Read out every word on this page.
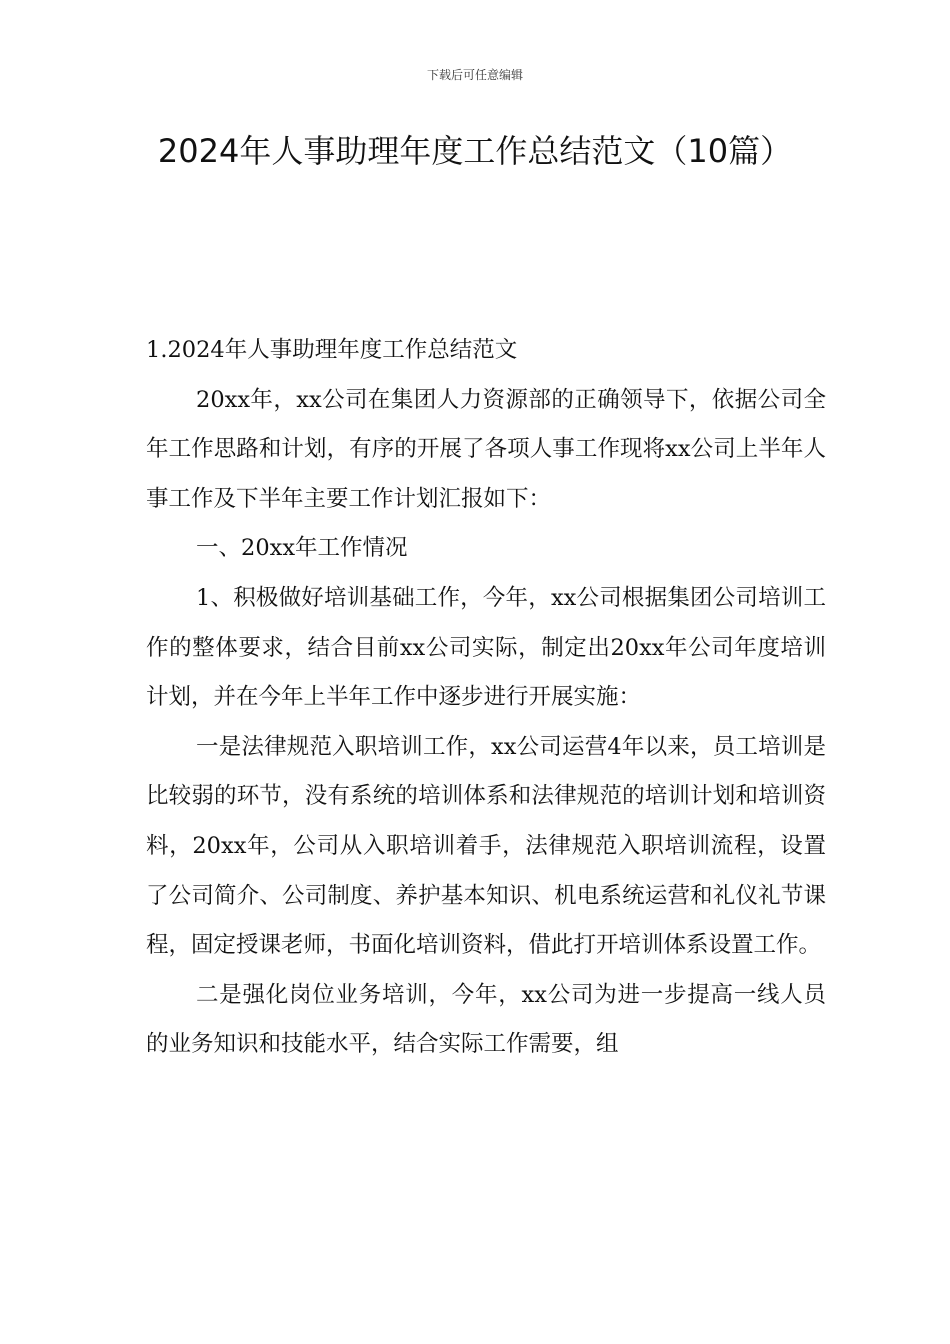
下载后可任意编辑
2024年人事助理年度工作总结范文（10篇）

1.2024年人事助理年度工作总结范文

20xx年，xx公司在集团人力资源部的正确领导下，依据公司全年工作思路和计划，有序的开展了各项人事工作现将xx公司上半年人事工作及下半年主要工作计划汇报如下：

一、20xx年工作情况

1、积极做好培训基础工作，今年，xx公司根据集团公司培训工作的整体要求，结合目前xx公司实际，制定出20xx年公司年度培训计划，并在今年上半年工作中逐步进行开展实施：

一是法律规范入职培训工作，xx公司运营4年以来，员工培训是比较弱的环节，没有系统的培训体系和法律规范的培训计划和培训资料，20xx年，公司从入职培训着手，法律规范入职培训流程，设置了公司简介、公司制度、养护基本知识、机电系统运营和礼仪礼节课程，固定授课老师，书面化培训资料，借此打开培训体系设置工作。

二是强化岗位业务培训，今年，xx公司为进一步提高一线人员的业务知识和技能水平，结合实际工作需要，组
